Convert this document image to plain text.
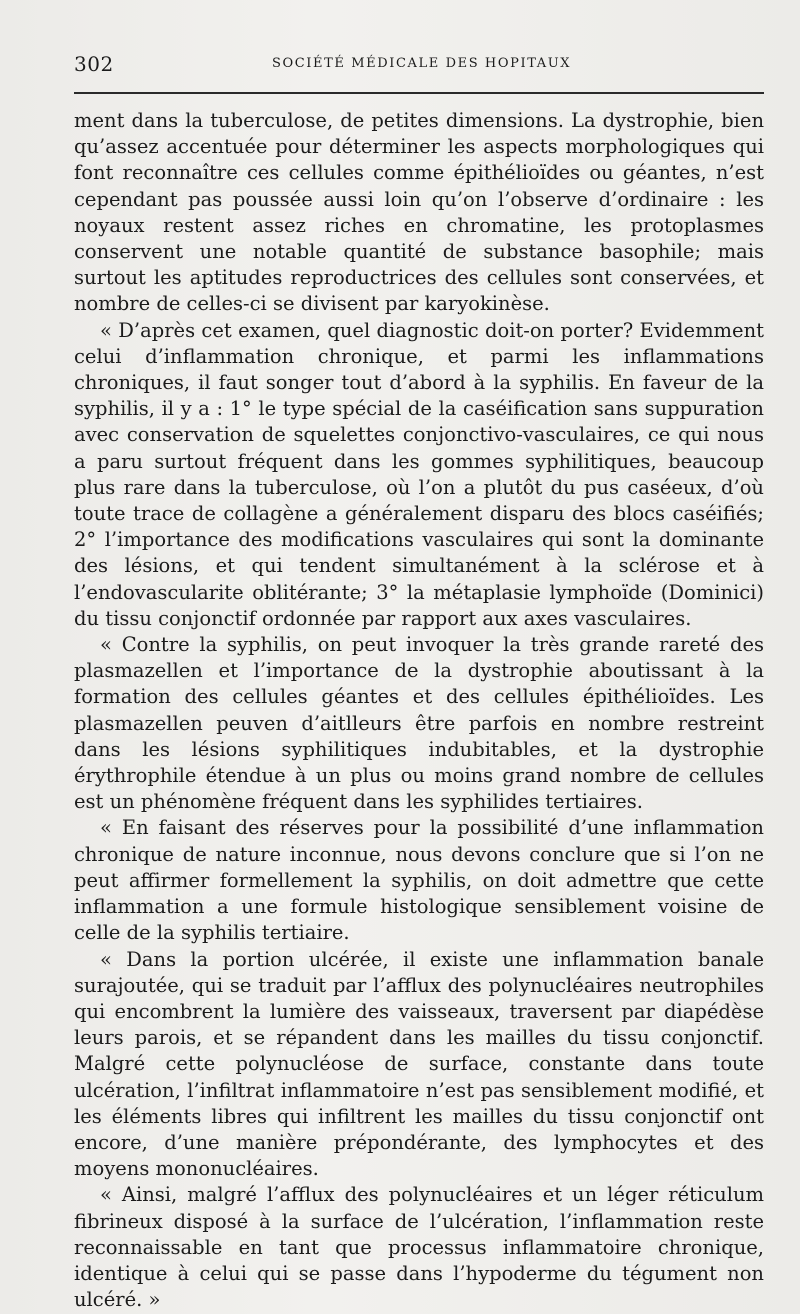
302	SOCIÉTÉ MÉDICALE DES HOPITAUX

ment dans la tuberculose, de petites dimensions. La dystrophie, bien qu’assez accentuée pour déterminer les aspects morphologiques qui font reconnaître ces cellules comme épithélioïdes ou géantes, n’est cependant pas poussée aussi loin qu’on l’observe d’ordinaire : les noyaux restent assez riches en chromatine, les protoplasmes conservent une notable quantité de substance basophile; mais surtout les aptitudes reproductrices des cellules sont conservées, et nombre de celles-ci se divisent par karyokinèse.

« D’après cet examen, quel diagnostic doit-on porter? Evidemment celui d’inflammation chronique, et parmi les inflammations chroniques, il faut songer tout d’abord à la syphilis. En faveur de la syphilis, il y a : 1° le type spécial de la caséification sans suppuration avec conservation de squelettes conjonctivo-vasculaires, ce qui nous a paru surtout fréquent dans les gommes syphilitiques, beaucoup plus rare dans la tuberculose, où l’on a plutôt du pus caséeux, d’où toute trace de collagène a généralement disparu des blocs caséifiés; 2° l’importance des modifications vasculaires qui sont la dominante des lésions, et qui tendent simultanément à la sclérose et à l’endovascularite oblitérante; 3° la métaplasie lymphoïde (Dominici) du tissu conjonctif ordonnée par rapport aux axes vasculaires.

« Contre la syphilis, on peut invoquer la très grande rareté des plasmazellen et l’importance de la dystrophie aboutissant à la formation des cellules géantes et des cellules épithélioïdes. Les plasmazellen peuven d’aitlleurs être parfois en nombre restreint dans les lésions syphilitiques indubitables, et la dystrophie érythrophile étendue à un plus ou moins grand nombre de cellules est un phénomène fréquent dans les syphilides tertiaires.

« En faisant des réserves pour la possibilité d’une inflammation chronique de nature inconnue, nous devons conclure que si l’on ne peut affirmer formellement la syphilis, on doit admettre que cette inflammation a une formule histologique sensiblement voisine de celle de la syphilis tertiaire.

« Dans la portion ulcérée, il existe une inflammation banale surajoutée, qui se traduit par l’afflux des polynucléaires neutrophiles qui encombrent la lumière des vaisseaux, traversent par diapédèse leurs parois, et se répandent dans les mailles du tissu conjonctif. Malgré cette polynucléose de surface, constante dans toute ulcération, l’infiltrat inflammatoire n’est pas sensiblement modifié, et les éléments libres qui infiltrent les mailles du tissu conjonctif ont encore, d’une manière prépondérante, des lymphocytes et des moyens mononucléaires.

« Ainsi, malgré l’afflux des polynucléaires et un léger réticulum fibrineux disposé à la surface de l’ulcération, l’inflammation reste reconnaissable en tant que processus inflammatoire chronique, identique à celui qui se passe dans l’hypoderme du tégument non ulcéré. »
